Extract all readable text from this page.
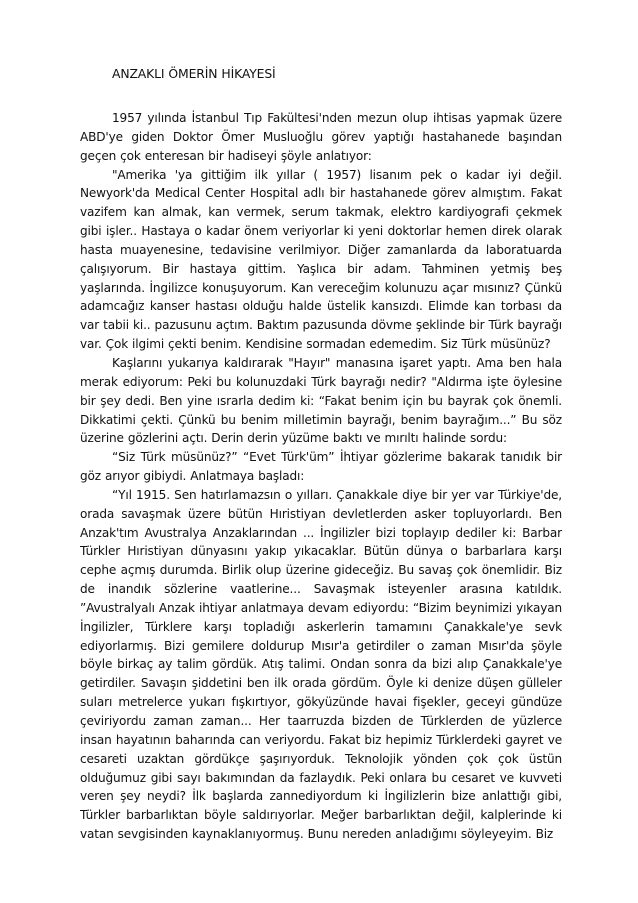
ANZAKLI ÖMERİN HİKAYESİ

1957 yılında İstanbul Tıp Fakültesi'nden mezun olup ihtisas yapmak üzere ABD'ye giden Doktor Ömer Musluoğlu görev yaptığı hastahanede başından geçen çok enteresan bir hadiseyi şöyle anlatıyor:

"Amerika 'ya gittiğim ilk yıllar ( 1957) lisanım pek o kadar iyi değil. Newyork'da Medical Center Hospital adlı bir hastahanede görev almıştım. Fakat vazifem kan almak, kan vermek, serum takmak, elektro kardiyografi çekmek gibi işler.. Hastaya o kadar önem veriyorlar ki yeni doktorlar hemen direk olarak hasta muayenesine, tedavisine verilmiyor. Diğer zamanlarda da laboratuarda çalışıyorum. Bir hastaya gittim. Yaşlıca bir adam. Tahminen yetmiş beş yaşlarında. İngilizce konuşuyorum. Kan vereceğim kolunuzu açar mısınız? Çünkü adamcağız kanser hastası olduğu halde üstelik kansızdı. Elimde kan torbası da var tabii ki.. pazusunu açtım. Baktım pazusunda dövme şeklinde bir Türk bayrağı var. Çok ilgimi çekti benim. Kendisine sormadan edemedim. Siz Türk müsünüz?

Kaşlarını yukarıya kaldırarak "Hayır" manasına işaret yaptı. Ama ben hala merak ediyorum: Peki bu kolunuzdaki Türk bayrağı nedir? "Aldırma işte öylesine bir şey dedi. Ben yine ısrarla dedim ki: “Fakat benim için bu bayrak çok önemli. Dikkatimi çekti. Çünkü bu benim milletimin bayrağı, benim bayrağım...” Bu söz üzerine gözlerini açtı. Derin derin yüzüme baktı ve mırıltı halinde sordu:

“Siz Türk müsünüz?” “Evet Türk'üm” İhtiyar gözlerime bakarak tanıdık bir göz arıyor gibiydi. Anlatmaya başladı:

“Yıl 1915. Sen hatırlamazsın o yılları. Çanakkale diye bir yer var Türkiye'de, orada savaşmak üzere bütün Hıristiyan devletlerden asker topluyorlardı. Ben Anzak'tım Avustralya Anzaklarından ... İngilizler bizi toplayıp dediler ki: Barbar Türkler Hıristiyan dünyasını yakıp yıkacaklar. Bütün dünya o barbarlara karşı cephe açmış durumda. Birlik olup üzerine gideceğiz. Bu savaş çok önemlidir. Biz de inandık sözlerine vaatlerine... Savaşmak isteyenler arasına katıldık. ”Avustralyalı Anzak ihtiyar anlatmaya devam ediyordu: “Bizim beynimizi yıkayan İngilizler, Türklere karşı topladığı askerlerin tamamını Çanakkale'ye sevk ediyorlarmış. Bizi gemilere doldurup Mısır'a getirdiler o zaman Mısır'da şöyle böyle birkaç ay talim gördük. Atış talimi. Ondan sonra da bizi alıp Çanakkale'ye getirdiler. Savaşın şiddetini ben ilk orada gördüm. Öyle ki denize düşen gülleler suları metrelerce yukarı fışkırtıyor, gökyüzünde havai fişekler, geceyi gündüze çeviriyordu zaman zaman... Her taarruzda bizden de Türklerden de yüzlerce insan hayatının baharında can veriyordu. Fakat biz hepimiz Türklerdeki gayret ve cesareti uzaktan gördükçe şaşırıyorduk. Teknolojik yönden çok çok üstün olduğumuz gibi sayı bakımından da fazlaydık. Peki onlara bu cesaret ve kuvveti veren şey neydi? İlk başlarda zannediyordum ki İngilizlerin bize anlattığı gibi, Türkler barbarlıktan böyle saldırıyorlar. Meğer barbarlıktan değil, kalplerinde ki vatan sevgisinden kaynaklanıyormuş. Bunu nereden anladığımı söyleyeyim. Biz
